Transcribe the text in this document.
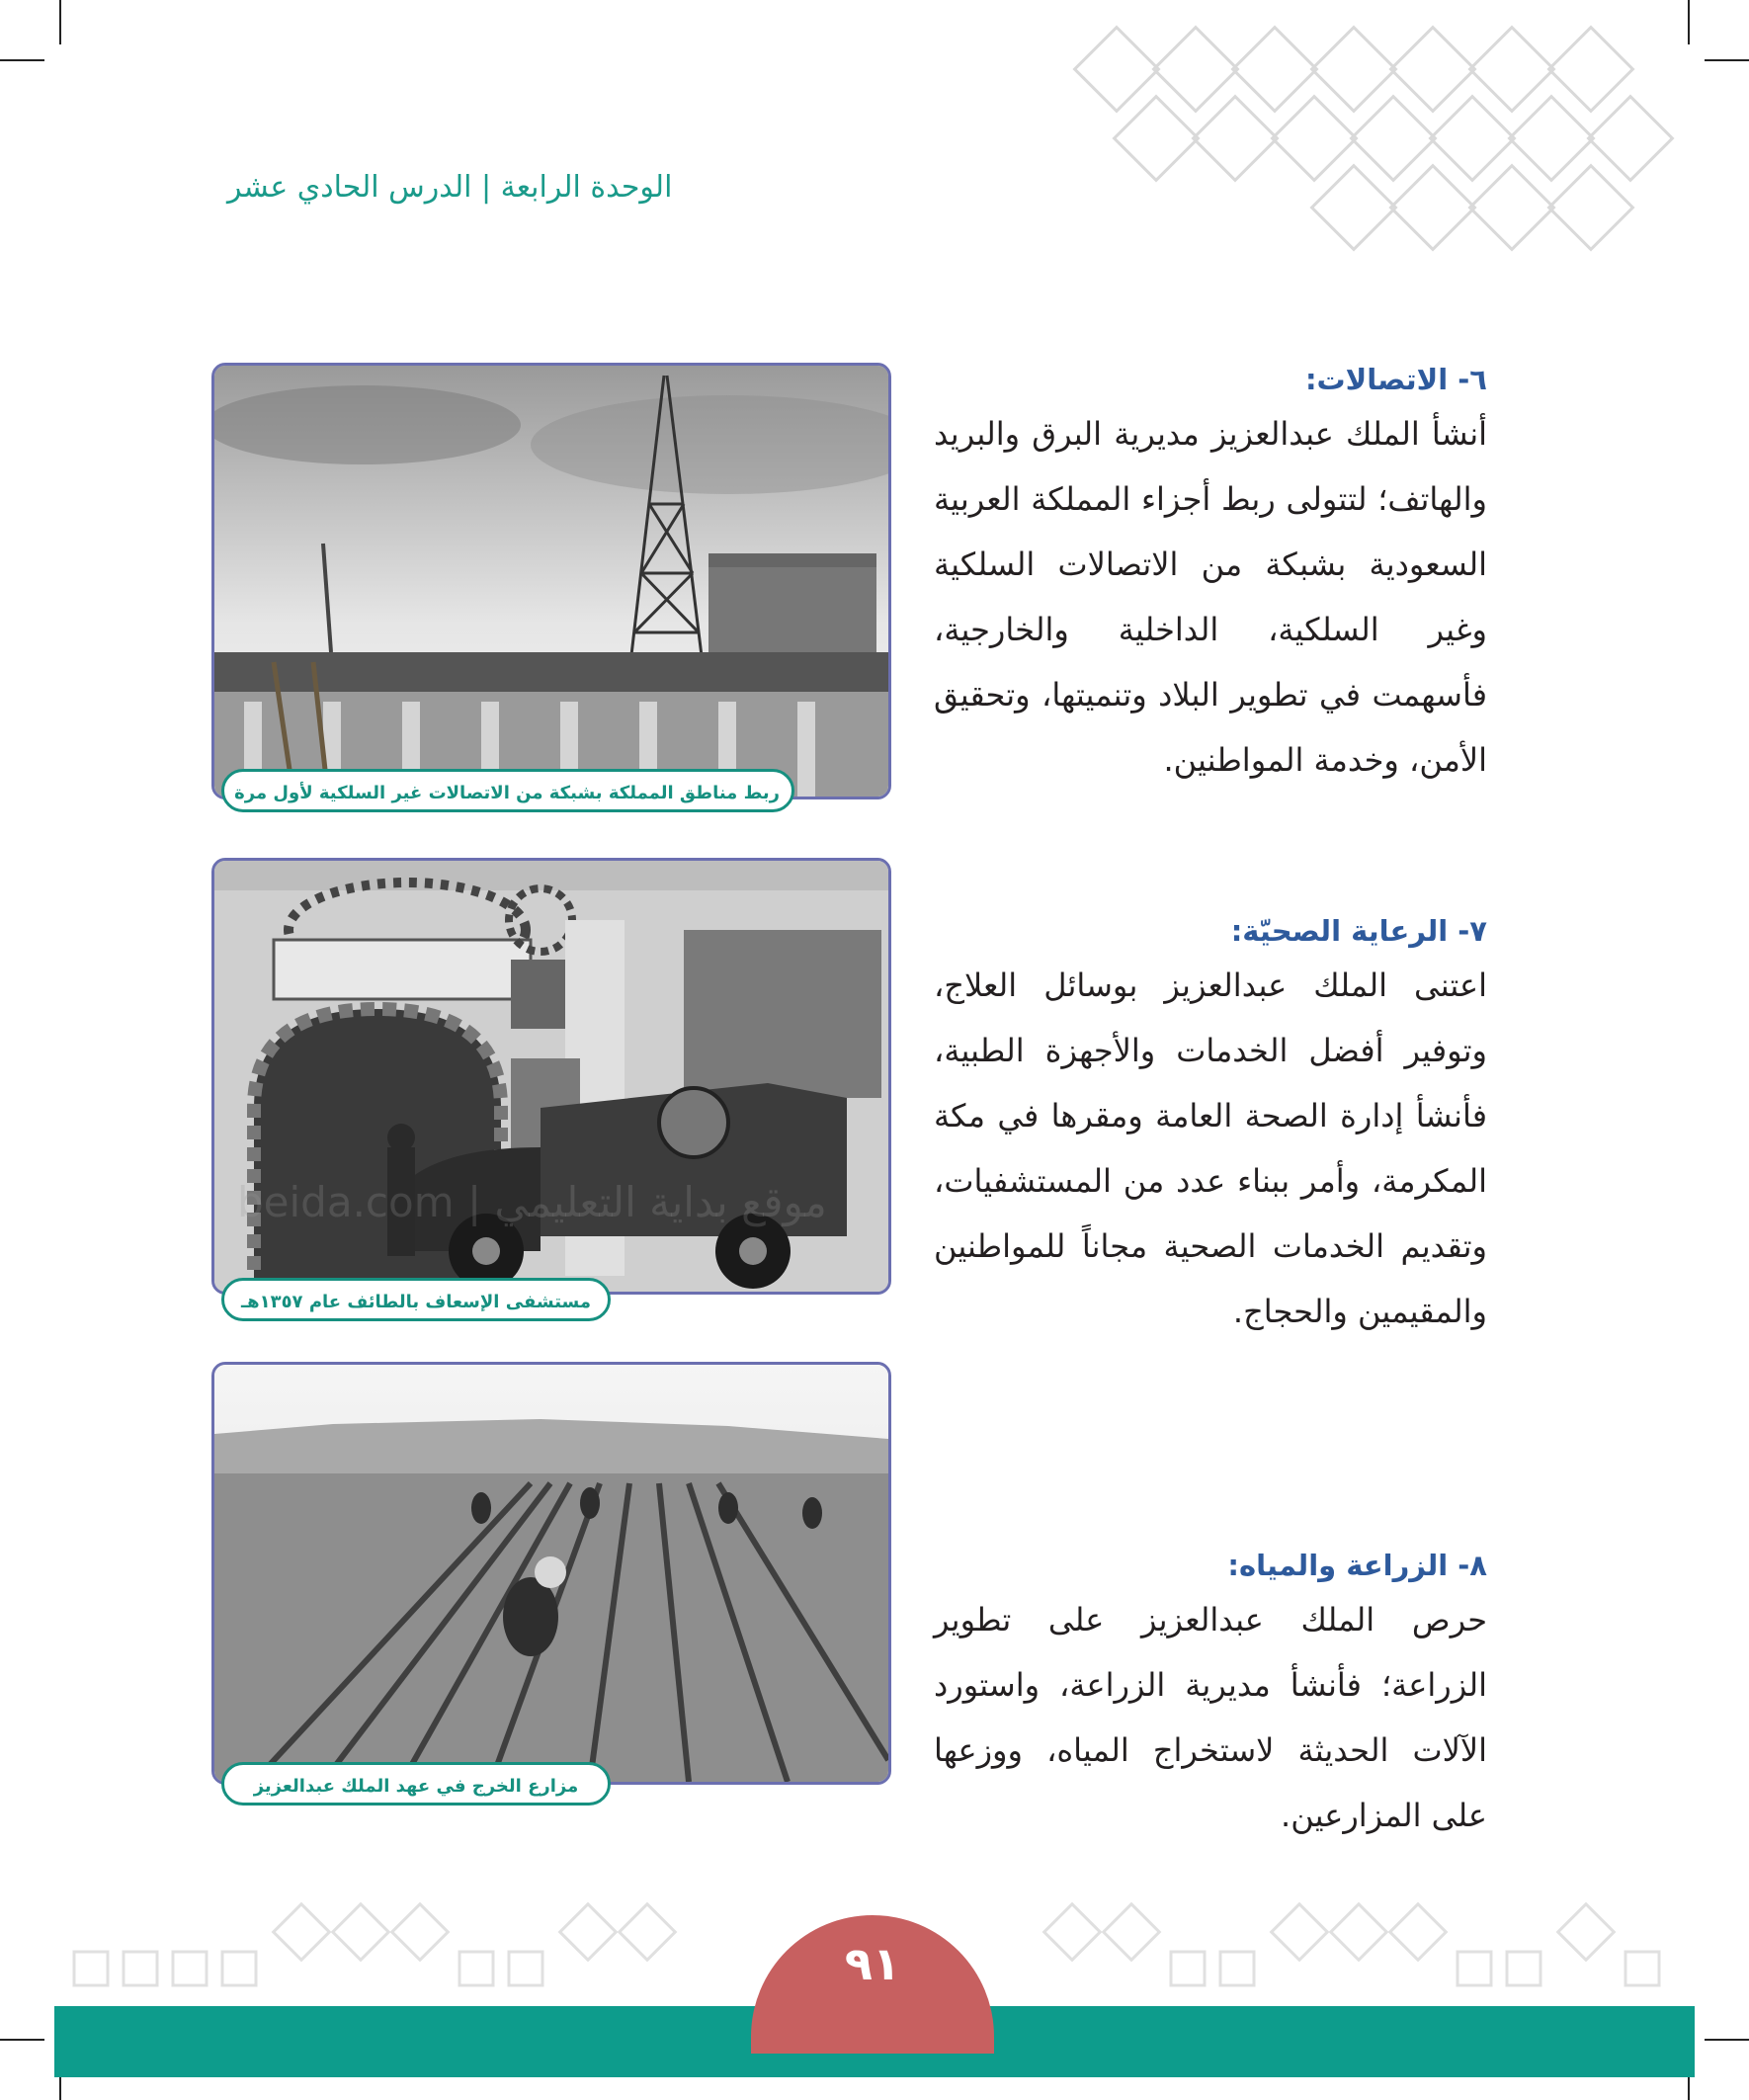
الوحدة الرابعة | الدرس الحادي عشر

٦- الاتصالات:

أنشأ الملك عبدالعزيز مديرية البرق والبريد والهاتف؛ لتتولى ربط أجزاء المملكة العربية السعودية بشبكة من الاتصالات السلكية وغير السلكية، الداخلية والخارجية، فأسهمت في تطوير البلاد وتنميتها، وتحقيق الأمن، وخدمة المواطنين.

٧- الرعاية الصحيّة:

اعتنى الملك عبدالعزيز بوسائل العلاج، وتوفير أفضل الخدمات والأجهزة الطبية، فأنشأ إدارة الصحة العامة ومقرها في مكة المكرمة، وأمر ببناء عدد من المستشفيات، وتقديم الخدمات الصحية مجاناً للمواطنين والمقيمين والحجاج.

٨- الزراعة والمياه:

حرص الملك عبدالعزيز على تطوير الزراعة؛ فأنشأ مديرية الزراعة، واستورد الآلات الحديثة لاستخراج المياه، ووزعها على المزارعين.

ربط مناطق المملكة بشبكة من الاتصالات غير السلكية لأول مرة
مستشفى الإسعاف بالطائف عام ١٣٥٧هـ
مزارع الخرج في عهد الملك عبدالعزيز
beida.com | موقع بداية التعليمي
٩١
